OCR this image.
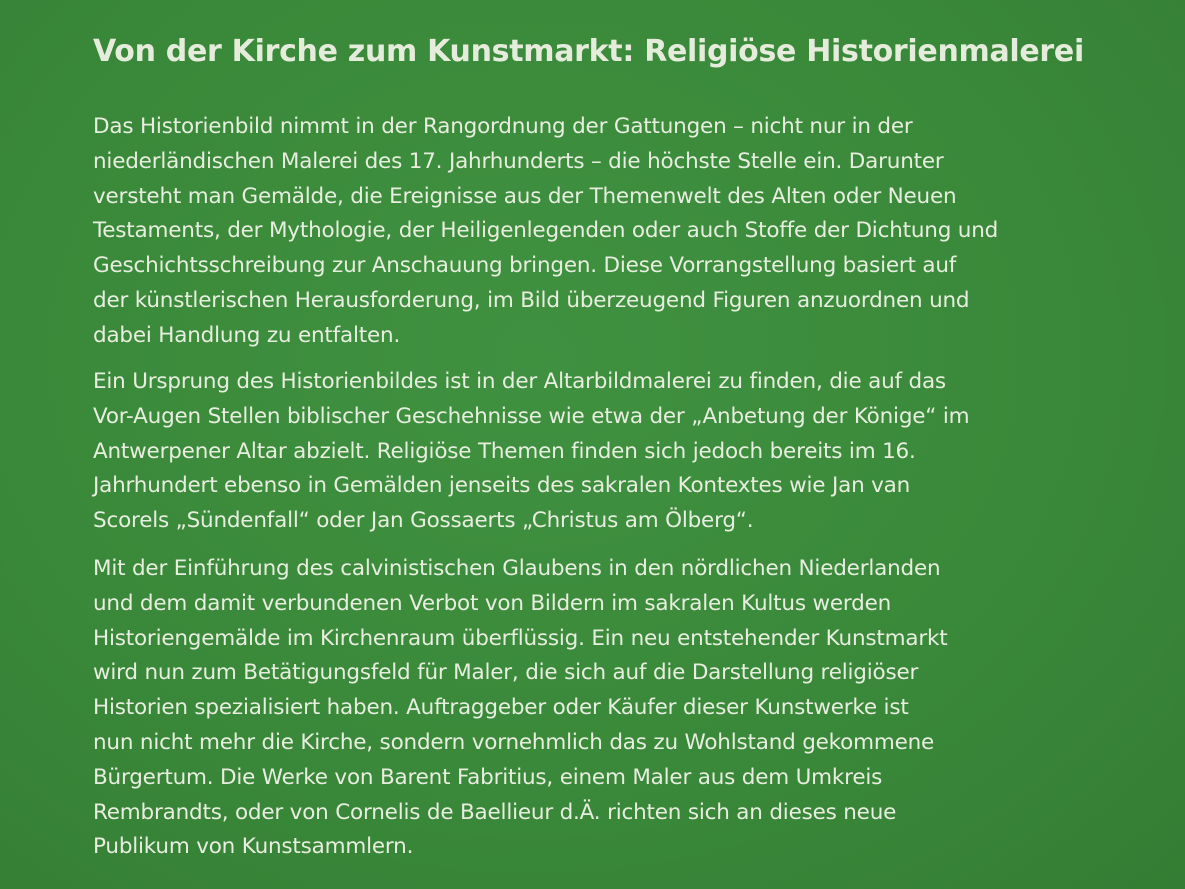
Von der Kirche zum Kunstmarkt: Religiöse Historienmalerei
Das Historienbild nimmt in der Rangordnung der Gattungen – nicht nur in der
niederländischen Malerei des 17. Jahrhunderts – die höchste Stelle ein. Darunter
versteht man Gemälde, die Ereignisse aus der Themenwelt des Alten oder Neuen
Testaments, der Mythologie, der Heiligenlegenden oder auch Stoffe der Dichtung und
Geschichtsschreibung zur Anschauung bringen. Diese Vorrangstellung basiert auf
der künstlerischen Herausforderung, im Bild überzeugend Figuren anzuordnen und
dabei Handlung zu entfalten.
Ein Ursprung des Historienbildes ist in der Altarbildmalerei zu finden, die auf das
Vor-Augen Stellen biblischer Geschehnisse wie etwa der „Anbetung der Könige“ im
Antwerpener Altar abzielt. Religiöse Themen finden sich jedoch bereits im 16.
Jahrhundert ebenso in Gemälden jenseits des sakralen Kontextes wie Jan van
Scorels „Sündenfall“ oder Jan Gossaerts „Christus am Ölberg“.
Mit der Einführung des calvinistischen Glaubens in den nördlichen Niederlanden
und dem damit verbundenen Verbot von Bildern im sakralen Kultus werden
Historiengemälde im Kirchenraum überflüssig. Ein neu entstehender Kunstmarkt
wird nun zum Betätigungsfeld für Maler, die sich auf die Darstellung religiöser
Historien spezialisiert haben. Auftraggeber oder Käufer dieser Kunstwerke ist
nun nicht mehr die Kirche, sondern vornehmlich das zu Wohlstand gekommene
Bürgertum. Die Werke von Barent Fabritius, einem Maler aus dem Umkreis
Rembrandts, oder von Cornelis de Baellieur d.Ä. richten sich an dieses neue
Publikum von Kunstsammlern.
